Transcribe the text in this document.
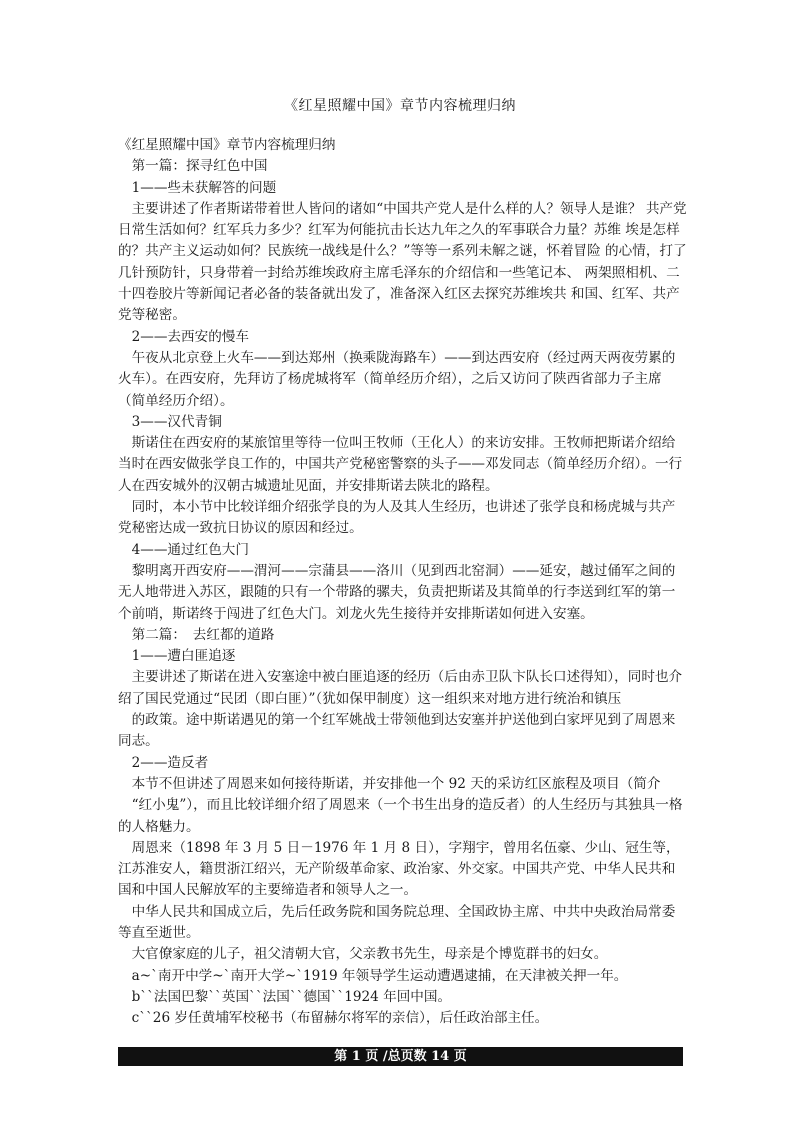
《红星照耀中国》章节内容梳理归纳

《红星照耀中国》章节内容梳理归纳

　第一篇：探寻红色中国

　1——些未获解答的问题

　主要讲述了作者斯诺带着世人皆问的诸如“中国共产党人是什么样的人？领导人是谁？ 共产党日常生活如何？红军兵力多少？红军为何能抗击长达九年之久的军事联合力量？苏维 埃是怎样的？共产主义运动如何？民族统一战线是什么？”等等一系列未解之谜，怀着冒险 的心情，打了几针预防针，只身带着一封给苏维埃政府主席毛泽东的介绍信和一些笔记本、 两架照相机、二十四卷胶片等新闻记者必备的装备就出发了，准备深入红区去探究苏维埃共 和国、红军、共产党等秘密。

　2——去西安的慢车

　午夜从北京登上火车——到达郑州（换乘陇海路车）——到达西安府（经过两天两夜劳累的火车）。在西安府，先拜访了杨虎城将军（简单经历介绍），之后又访问了陕西省部力子主席（简单经历介绍）。

　3——汉代青铜

　斯诺住在西安府的某旅馆里等待一位叫王牧师（王化人）的来访安排。王牧师把斯诺介绍给当时在西安做张学良工作的，中国共产党秘密警察的头子——邓发同志（简单经历介绍）。一行人在西安城外的汉朝古城遗址见面，并安排斯诺去陕北的路程。

　同时，本小节中比较详细介绍张学良的为人及其人生经历，也讲述了张学良和杨虎城与共产党秘密达成一致抗日协议的原因和经过。

　4——通过红色大门

　黎明离开西安府——渭河——宗蒲县——洛川（见到西北窑洞）——延安，越过俑军之间的无人地带进入苏区，跟随的只有一个带路的骡夫，负责把斯诺及其简单的行李送到红军的第一个前哨，斯诺终于闯进了红色大门。刘龙火先生接待并安排斯诺如何进入安塞。

　第二篇：　去红都的道路

　1——遭白匪追逐

　主要讲述了斯诺在进入安塞途中被白匪追逐的经历（后由赤卫队卞队长口述得知），同时也介绍了国民党通过“民团（即白匪）”（犹如保甲制度）这一组织来对地方进行统治和镇压

　的政策。途中斯诺遇见的第一个红军姚战士带领他到达安塞并护送他到白家坪见到了周恩来同志。

　2——造反者

　本节不但讲述了周恩来如何接待斯诺，并安排他一个 92 天的采访红区旅程及项目（简介

　“红小鬼”），而且比较详细介绍了周恩来（一个书生出身的造反者）的人生经历与其独具一格的人格魅力。

　周恩来（1898 年 3 月 5 日－1976 年 1 月 8 日），字翔宇，曾用名伍豪、少山、冠生等，江苏淮安人，籍贯浙江绍兴，无产阶级革命家、政治家、外交家。中国共产党、中华人民共和国和中国人民解放军的主要缔造者和领导人之一。

　中华人民共和国成立后，先后任政务院和国务院总理、全国政协主席、中共中央政治局常委等直至逝世。

　大官僚家庭的儿子，祖父清朝大官，父亲教书先生，母亲是个博览群书的妇女。

　a~`南开中学~`南开大学~`1919 年领导学生运动遭遇逮捕，在天津被关押一年。

　b``法国巴黎``英国``法国``德国``1924 年回中国。

　c``26 岁任黄埔军校秘书（布留赫尔将军的亲信），后任政治部主任。

第 1 页 /总页数 14 页
